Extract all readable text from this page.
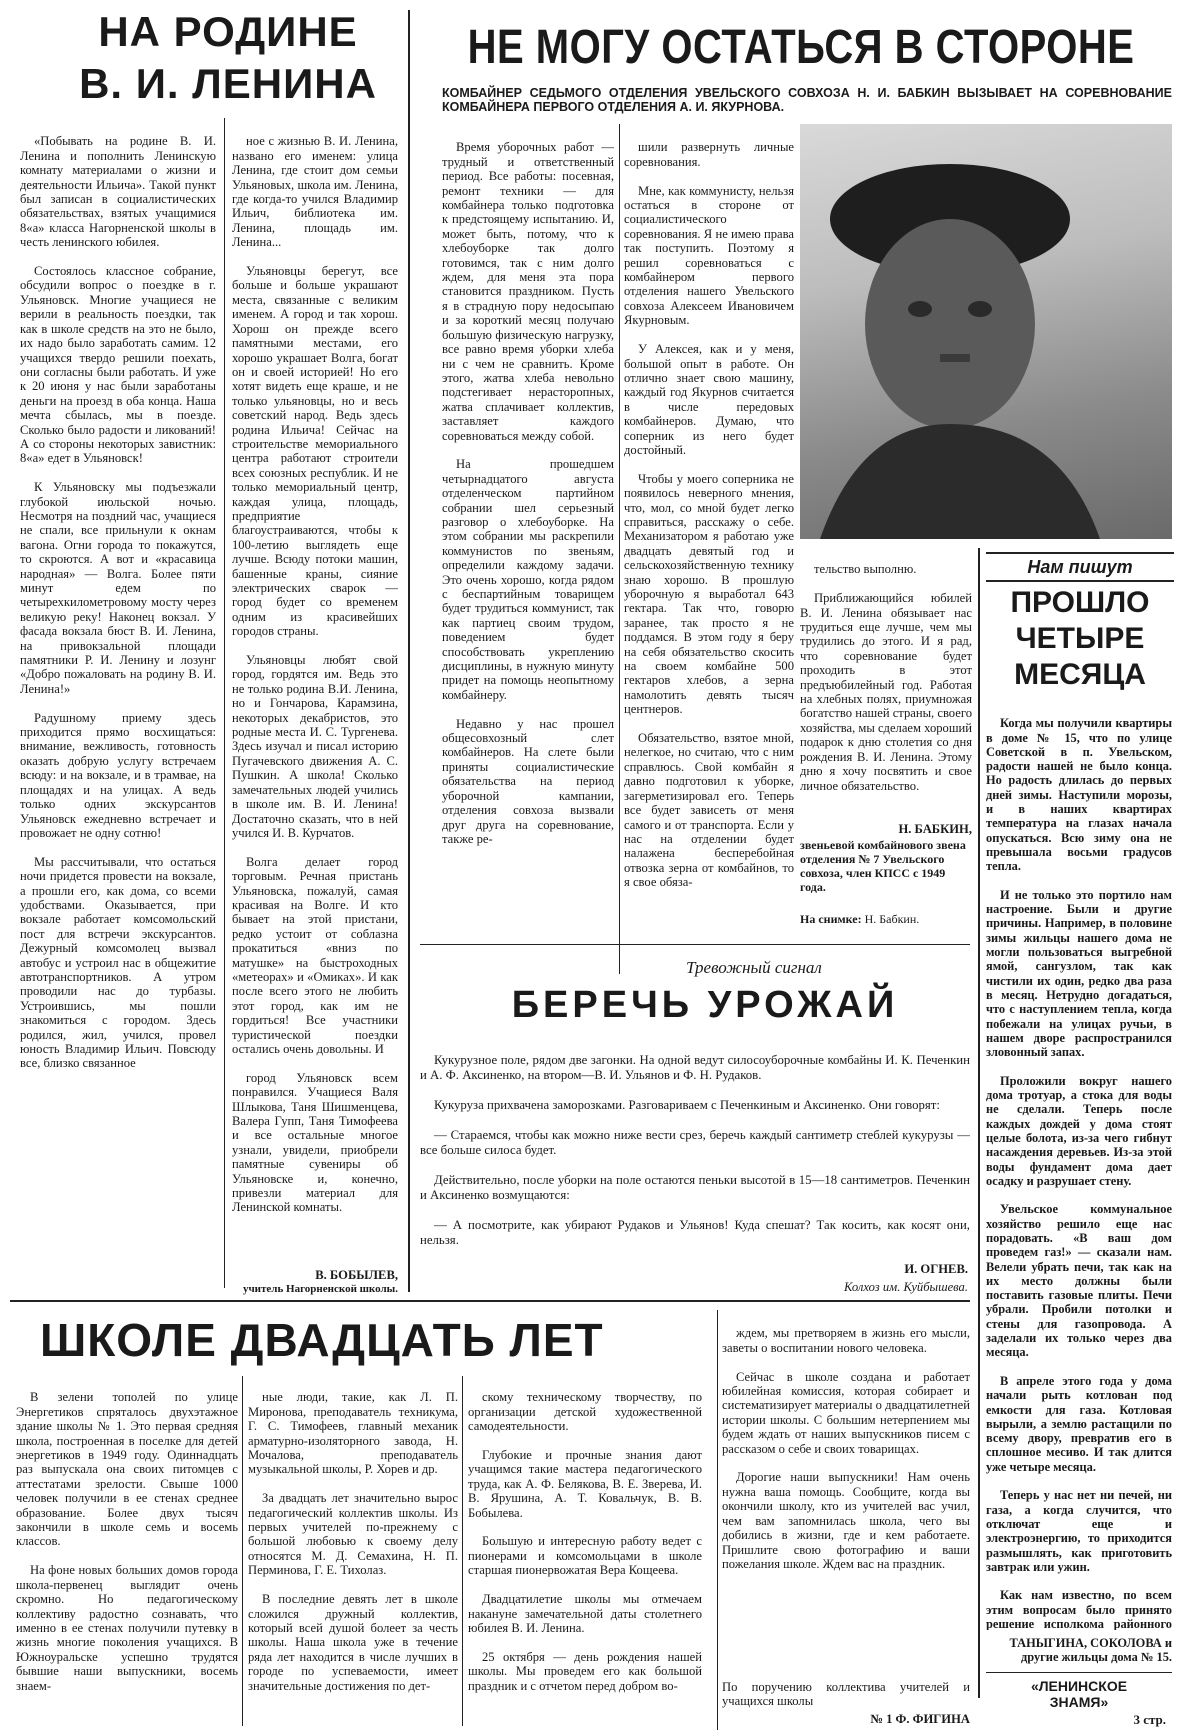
НА РОДИНЕ
В. И. ЛЕНИНА

«Побывать на родине В. И. Ленина и пополнить Ленинскую комнату материалами о жизни и деятельности Ильича». Такой пункт был записан в социалистических обязательствах, взятых учащимися 8«а» класса Нагорненской школы в честь ленинского юбилея.

Состоялось классное собрание, обсудили вопрос о поездке в г. Ульяновск. Многие учащиеся не верили в реальность поездки, так как в школе средств на это не было, их надо было заработать самим. 12 учащихся твердо решили поехать, они согласны были работать. И уже к 20 июня у нас были заработаны деньги на проезд в оба конца. Наша мечта сбылась, мы в поезде. Сколько было радости и ликований! А со стороны некоторых завистник: 8«а» едет в Ульяновск!

К Ульяновску мы подъезжали глубокой июльской ночью. Несмотря на поздний час, учащиеся не спали, все прильнули к окнам вагона. Огни города то покажутся, то скроются. А вот и «красавица народная» — Волга. Более пяти минут едем по четырехкилометровому мосту через великую реку! Наконец вокзал. У фасада вокзала бюст В. И. Ленина, на привокзальной площади памятники Р. И. Ленину и лозунг «Добро пожаловать на родину В. И. Ленина!»

Радушному приему здесь приходится прямо восхищаться: внимание, вежливость, готовность оказать добрую услугу встречаем всюду: и на вокзале, и в трамвае, на площадях и на улицах. А ведь только одних экскурсантов Ульяновск ежедневно встречает и провожает не одну сотню!

Мы рассчитывали, что остаться ночи придется провести на вокзале, а прошли его, как дома, со всеми удобствами. Оказывается, при вокзале работает комсомольский пост для встречи экскурсантов. Дежурный комсомолец вызвал автобус и устроил нас в общежитие автотранспортников. А утром проводили нас до турбазы. Устроившись, мы пошли знакомиться с городом. Здесь родился, жил, учился, провел юность Владимир Ильич. Повсюду все, близко связанное

ное с жизнью В. И. Ленина, названо его именем: улица Ленина, где стоит дом семьи Ульяновых, школа им. Ленина, где когда-то учился Владимир Ильич, библиотека им. Ленина, площадь им. Ленина...

Ульяновцы берегут, все больше и больше украшают места, связанные с великим именем. А город и так хорош. Хорош он прежде всего памятными местами, его хорошо украшает Волга, богат он и своей историей! Но его хотят видеть еще краше, и не только ульяновцы, но и весь советский народ. Ведь здесь родина Ильича! Сейчас на строительстве мемориального центра работают строители всех союзных республик. И не только мемориальный центр, каждая улица, площадь, предприятие благоустраиваются, чтобы к 100-летию выглядеть еще лучше. Всюду потоки машин, башенные краны, сияние электрических сварок — город будет со временем одним из красивейших городов страны.

Ульяновцы любят свой город, гордятся им. Ведь это не только родина В.И. Ленина, но и Гончарова, Карамзина, некоторых декабристов, это родные места И. С. Тургенева. Здесь изучал и писал историю Пугачевского движения А. С. Пушкин. А школа! Сколько замечательных людей учились в школе им. В. И. Ленина! Достаточно сказать, что в ней учился И. В. Курчатов.

Волга делает город торговым. Речная пристань Ульяновска, пожалуй, самая красивая на Волге. И кто бывает на этой пристани, редко устоит от соблазна прокатиться «вниз по матушке» на быстроходных «метеорах» и «Омиках». И как после всего этого не любить этот город, как им не гордиться! Все участники туристической поездки остались очень довольны. И

город Ульяновск всем понравился. Учащиеся Валя Шлыкова, Таня Шишменцева, Валера Гупп, Таня Тимофеева и все остальные многое узнали, увидели, приобрели памятные сувениры об Ульяновске и, конечно, привезли материал для Ленинской комнаты.

В. БОБЫЛЕВ,
учитель Нагорненской школы.
НЕ МОГУ ОСТАТЬСЯ В СТОРОНЕ
КОМБАЙНЕР СЕДЬМОГО ОТДЕЛЕНИЯ УВЕЛЬСКОГО СОВХОЗА Н. И. БАБКИН ВЫЗЫВАЕТ НА СОРЕВНОВАНИЕ КОМБАЙНЕРА ПЕРВОГО ОТДЕЛЕНИЯ А. И. ЯКУРНОВА.

Время уборочных работ — трудный и ответственный период. Все работы: посевная, ремонт техники — для комбайнера только подготовка к предстоящему испытанию. И, может быть, потому, что к хлебоуборке так долго готовимся, так с ним долго ждем, для меня эта пора становится праздником. Пусть я в страдную пору недосыпаю и за короткий месяц получаю большую физическую нагрузку, все равно время уборки хлеба ни с чем не сравнить. Кроме этого, жатва хлеба невольно подстегивает нерасторопных, жатва сплачивает коллектив, заставляет каждого соревноваться между собой.

На прошедшем четырнадцатого августа отделенческом партийном собрании шел серьезный разговор о хлебоуборке. На этом собрании мы раскрепили коммунистов по звеньям, определили каждому задачи. Это очень хорошо, когда рядом с беспартийным товарищем будет трудиться коммунист, так как партиец своим трудом, поведением будет способствовать укреплению дисциплины, в нужную минуту придет на помощь неопытному комбайнеру.

Недавно у нас прошел общесовхозный слет комбайнеров. На слете были приняты социалистические обязательства на период уборочной кампании, отделения совхоза вызвали друг друга на соревнование, также ре-

шили развернуть личные соревнования.

Мне, как коммунисту, нельзя остаться в стороне от социалистического соревнования. Я не имею права так поступить. Поэтому я решил соревноваться с комбайнером первого отделения нашего Увельского совхоза Алексеем Ивановичем Якурновым.

У Алексея, как и у меня, большой опыт в работе. Он отлично знает свою машину, каждый год Якурнов считается в числе передовых комбайнеров. Думаю, что соперник из него будет достойный.

Чтобы у моего соперника не появилось неверного мнения, что, мол, со мной будет легко справиться, расскажу о себе. Механизатором я работаю уже двадцать девятый год и сельскохозяйственную технику знаю хорошо. В прошлую уборочную я выработал 643 гектара. Так что, говорю заранее, так просто я не поддамся. В этом году я беру на себя обязательство скосить на своем комбайне 500 гектаров хлебов, а зерна намолотить девять тысяч центнеров.

Обязательство, взятое мной, нелегкое, но считаю, что с ним справлюсь. Свой комбайн я давно подготовил к уборке, загерметизировал его. Теперь все будет зависеть от меня самого и от транспорта. Если у нас на отделении будет налажена бесперебойная отвозка зерна от комбайнов, то я свое обяза-

тельство выполню.

Приближающийся юбилей В. И. Ленина обязывает нас трудиться еще лучше, чем мы трудились до этого. И я рад, что соревнование будет проходить в этот предъюбилейный год. Работая на хлебных полях, приумножая богатство нашей страны, своего хозяйства, мы сделаем хороший подарок к дню столетия со дня рождения В. И. Ленина. Этому дню я хочу посвятить и свое личное обязательство.

Н. БАБКИН,
звеньевой комбайнового звена отделения № 7 Увельского совхоза, член КПСС с 1949 года.
На снимке: Н. Бабкин.
Тревожный сигнал
БЕРЕЧЬ УРОЖАЙ

Кукурузное поле, рядом две загонки. На одной ведут силосоуборочные комбайны И. К. Печенкин и А. Ф. Аксиненко, на втором—В. И. Ульянов и Ф. Н. Рудаков.

Кукуруза прихвачена заморозками. Разговариваем с Печенкиным и Аксиненко. Они говорят:

— Стараемся, чтобы как можно ниже вести срез, беречь каждый сантиметр стеблей кукурузы — все больше силоса будет.

Действительно, после уборки на поле остаются пеньки высотой в 15—18 сантиметров. Печенкин и Аксиненко возмущаются:

— А посмотрите, как убирают Рудаков и Ульянов! Куда спешат? Так косить, как косят они, нельзя.

И. ОГНЕВ.
Колхоз им. Куйбышева.
Нам пишут
ПРОШЛО
ЧЕТЫРЕ
МЕСЯЦА

Когда мы получили квартиры в доме № 15, что по улице Советской в п. Увельском, радости нашей не было конца. Но радость длилась до первых дней зимы. Наступили морозы, и в наших квартирах температура на глазах начала опускаться. Всю зиму она не превышала восьми градусов тепла.

И не только это портило нам настроение. Были и другие причины. Например, в половине зимы жильцы нашего дома не могли пользоваться выгребной ямой, сангузлом, так как чистили их один, редко два раза в месяц. Нетрудно догадаться, что с наступлением тепла, когда побежали на улицах ручьи, в нашем дворе распространился зловонный запах.

Проложили вокруг нашего дома тротуар, а стока для воды не сделали. Теперь после каждых дождей у дома стоят целые болота, из-за чего гибнут насаждения деревьев. Из-за этой воды фундамент дома дает осадку и разрушает стену.

Увельское коммунальное хозяйство решило еще нас порадовать. «В ваш дом проведем газ!» — сказали нам. Велели убрать печи, так как на их место должны были поставить газовые плиты. Печи убрали. Пробили потолки и стены для газопровода. А заделали их только через два месяца.

В апреле этого года у дома начали рыть котлован под емкости для газа. Котловая вырыли, а землю растащили по всему двору, превратив его в сплошное месиво. И так длится уже четыре месяца.

Теперь у нас нет ни печей, ни газа, а когда случится, что отключат еще и электроэнергию, то приходится размышлять, как приготовить завтрак или ужин.

Как нам известно, по всем этим вопросам было принято решение исполкома районного

ТАНЫГИНА, СОКОЛОВА и другие жильцы дома № 15.
«ЛЕНИНСКОЕ
ЗНАМЯ»
3 стр.
ШКОЛЕ ДВАДЦАТЬ ЛЕТ

В зелени тополей по улице Энергетиков спряталось двухэтажное здание школы № 1. Это первая средняя школа, построенная в поселке для детей энергетиков в 1949 году. Одиннадцать раз выпускала она своих питомцев с аттестатами зрелости. Свыше 1000 человек получили в ее стенах среднее образование. Более двух тысяч закончили в школе семь и восемь классов.

На фоне новых больших домов города школа-первенец выглядит очень скромно. Но педагогическому коллективу радостно сознавать, что именно в ее стенах получили путевку в жизнь многие поколения учащихся. В Южноуральске успешно трудятся бывшие наши выпускники, восемь знаем-

ные люди, такие, как Л. П. Миронова, преподаватель техникума, Г. С. Тимофеев, главный механик арматурно-изоляторного завода, Н. Мочалова, преподаватель музыкальной школы, Р. Хорев и др.

За двадцать лет значительно вырос педагогический коллектив школы. Из первых учителей по-прежнему с большой любовью к своему делу относятся М. Д. Семахина, Н. П. Перминова, Г. Е. Тихолаз.

В последние девять лет в школе сложился дружный коллектив, который всей душой болеет за честь школы. Наша школа уже в течение ряда лет находится в числе лучших в городе по успеваемости, имеет значительные достижения по дет-

скому техническому творчеству, по организации детской художественной самодеятельности.

Глубокие и прочные знания дают учащимся такие мастера педагогического труда, как А. Ф. Белякова, В. Е. Зверева, И. В. Ярушина, А. Т. Ковальчук, В. В. Бобылева.

Большую и интересную работу ведет с пионерами и комсомольцами в школе старшая пионервожатая Вера Кощеева.

Двадцатилетие школы мы отмечаем накануне замечательной даты столетнего юбилея В. И. Ленина.

25 октября — день рождения нашей школы. Мы проведем его как большой праздник и с отчетом перед добром во-

ждем, мы претворяем в жизнь его мысли, заветы о воспитании нового человека.

Сейчас в школе создана и работает юбилейная комиссия, которая собирает и систематизирует материалы о двадцатилетней истории школы. С большим нетерпением мы будем ждать от наших выпускников писем с рассказом о себе и своих товарищах.

Дорогие наши выпускники! Нам очень нужна ваша помощь. Сообщите, когда вы окончили школу, кто из учителей вас учил, чем вам запомнилась школа, чего вы добились в жизни, где и кем работаете. Пришлите свою фотографию и ваши пожелания школе. Ждем вас на праздник.

По поручению коллектива учителей и учащихся школы
№ 1 Ф. ФИГИНА
